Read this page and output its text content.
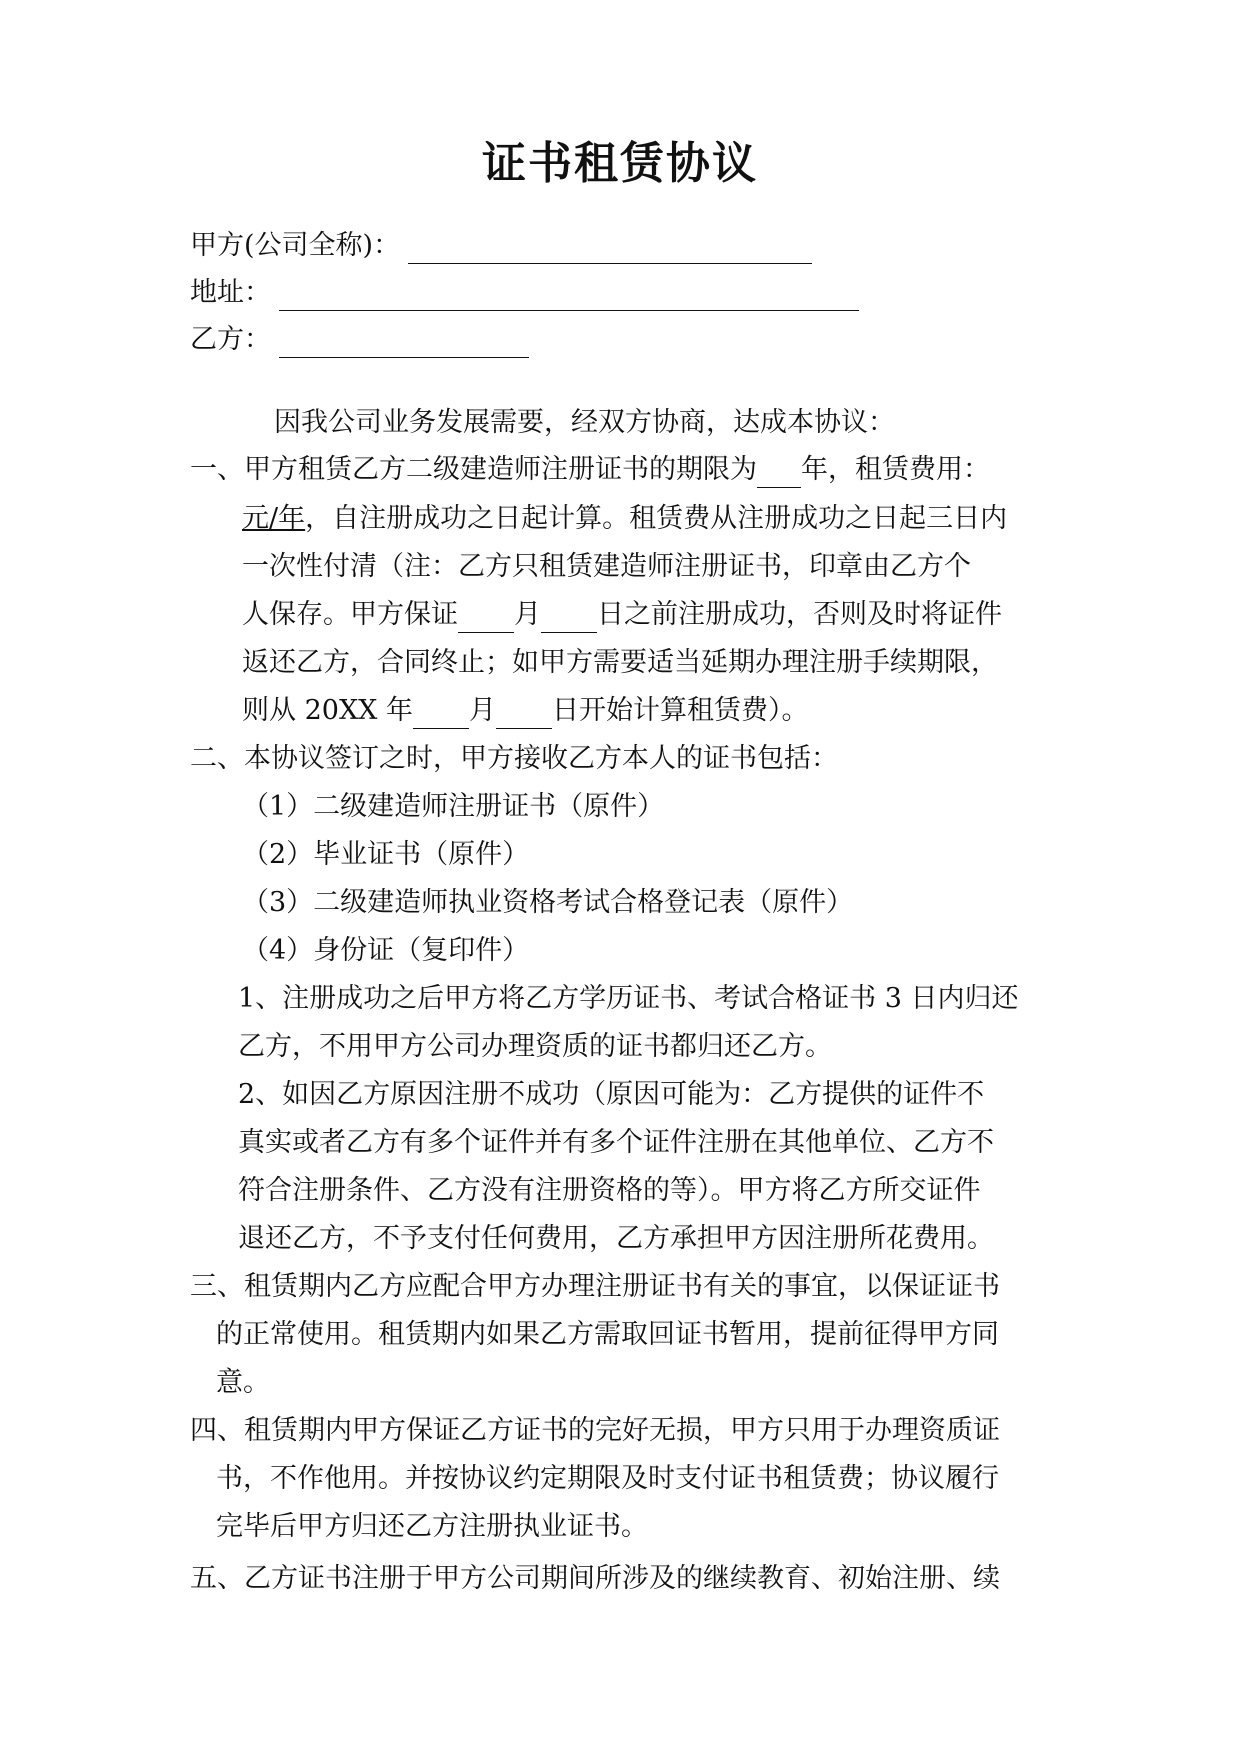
证书租赁协议
甲方(公司全称)：
地址：
乙方：
因我公司业务发展需要，经双方协商，达成本协议：
一、甲方租赁乙方二级建造师注册证书的期限为 年，租赁费用：
元/年，自注册成功之日起计算。租赁费从注册成功之日起三日内
一次性付清（注：乙方只租赁建造师注册证书，印章由乙方个
人保存。甲方保证 月 日之前注册成功，否则及时将证件
返还乙方，合同终止；如甲方需要适当延期办理注册手续期限，
则从 20XX 年 月 日开始计算租赁费）。
二、本协议签订之时，甲方接收乙方本人的证书包括：
（1）二级建造师注册证书（原件）
（2）毕业证书（原件）
（3）二级建造师执业资格考试合格登记表（原件）
（4）身份证（复印件）
1、注册成功之后甲方将乙方学历证书、考试合格证书 3 日内归还
乙方，不用甲方公司办理资质的证书都归还乙方。
2、如因乙方原因注册不成功（原因可能为：乙方提供的证件不
真实或者乙方有多个证件并有多个证件注册在其他单位、乙方不
符合注册条件、乙方没有注册资格的等）。甲方将乙方所交证件
退还乙方，不予支付任何费用，乙方承担甲方因注册所花费用。
三、租赁期内乙方应配合甲方办理注册证书有关的事宜，以保证证书
的正常使用。租赁期内如果乙方需取回证书暂用，提前征得甲方同
意。
四、租赁期内甲方保证乙方证书的完好无损，甲方只用于办理资质证
书，不作他用。并按协议约定期限及时支付证书租赁费；协议履行
完毕后甲方归还乙方注册执业证书。
五、乙方证书注册于甲方公司期间所涉及的继续教育、初始注册、续
